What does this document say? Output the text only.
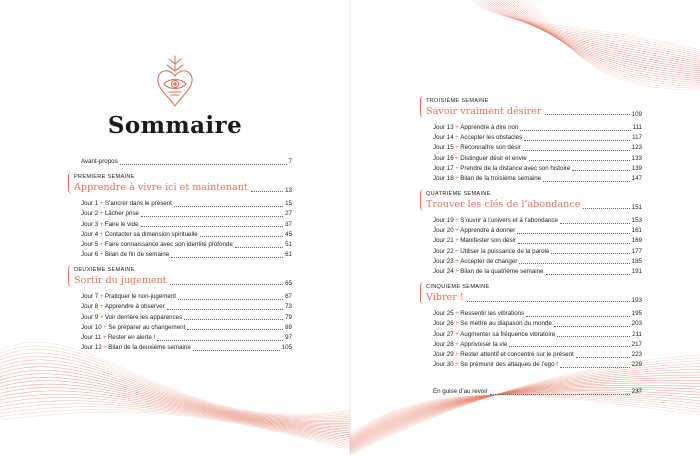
Sommaire
Avant-propos	7
PREMIÈRE SEMAINE
Apprendre à vivre ici et maintenant	13
Jour 1 + S’ancrer dans le présent	15
Jour 2 + Lâcher prise	27
Jour 3 + Faire le vide	37
Jour 4 + Contacter sa dimension spirituelle	45
Jour 5 + Faire connaissance avec son identité profonde	51
Jour 6 + Bilan de fin de semaine	61
DEUXIÈME SEMAINE
Sortir du jugement	65
Jour 7 + Pratiquer le non-jugement	67
Jour 8 + Apprendre à observer	73
Jour 9 + Voir derrière les apparences	79
Jour 10 + Se préparer au changement	89
Jour 11 + Rester en alerte !	97
Jour 12 + Bilan de la deuxième semaine	105
TROISIÈME SEMAINE
Savoir vraiment désirer	109
Jour 13 + Apprendre à dire non	111
Jour 14 + Accepter les obstacles	117
Jour 15 + Reconnaître son désir	123
Jour 16 + Distinguer désir et envie	133
Jour 17 + Prendre de la distance avec son histoire	139
Jour 18 + Bilan de la troisième semaine	147
QUATRIÈME SEMAINE
Trouver les clés de l’abondance	151
Jour 19 + S’ouvrir à l’univers et à l’abondance	153
Jour 20 + Apprendre à donner	161
Jour 21 + Manifester son désir	169
Jour 22 + Utiliser la puissance de la parole	177
Jour 23 + Accepter de changer	185
Jour 24 + Bilan de la quatrième semaine	191
CINQUIÈME SEMAINE
Vibrer !	193
Jour 25 + Ressentir les vibrations	195
Jour 26 + Se mettre au diapason du monde	203
Jour 27 + Augmenter sa fréquence vibratoire	211
Jour 28 + Apprivoiser la vie	217
Jour 29 + Rester attentif et concentré sur le présent	223
Jour 30 + Se prémunir des attaques de l’ego !	229
En guise d’au revoir	237
